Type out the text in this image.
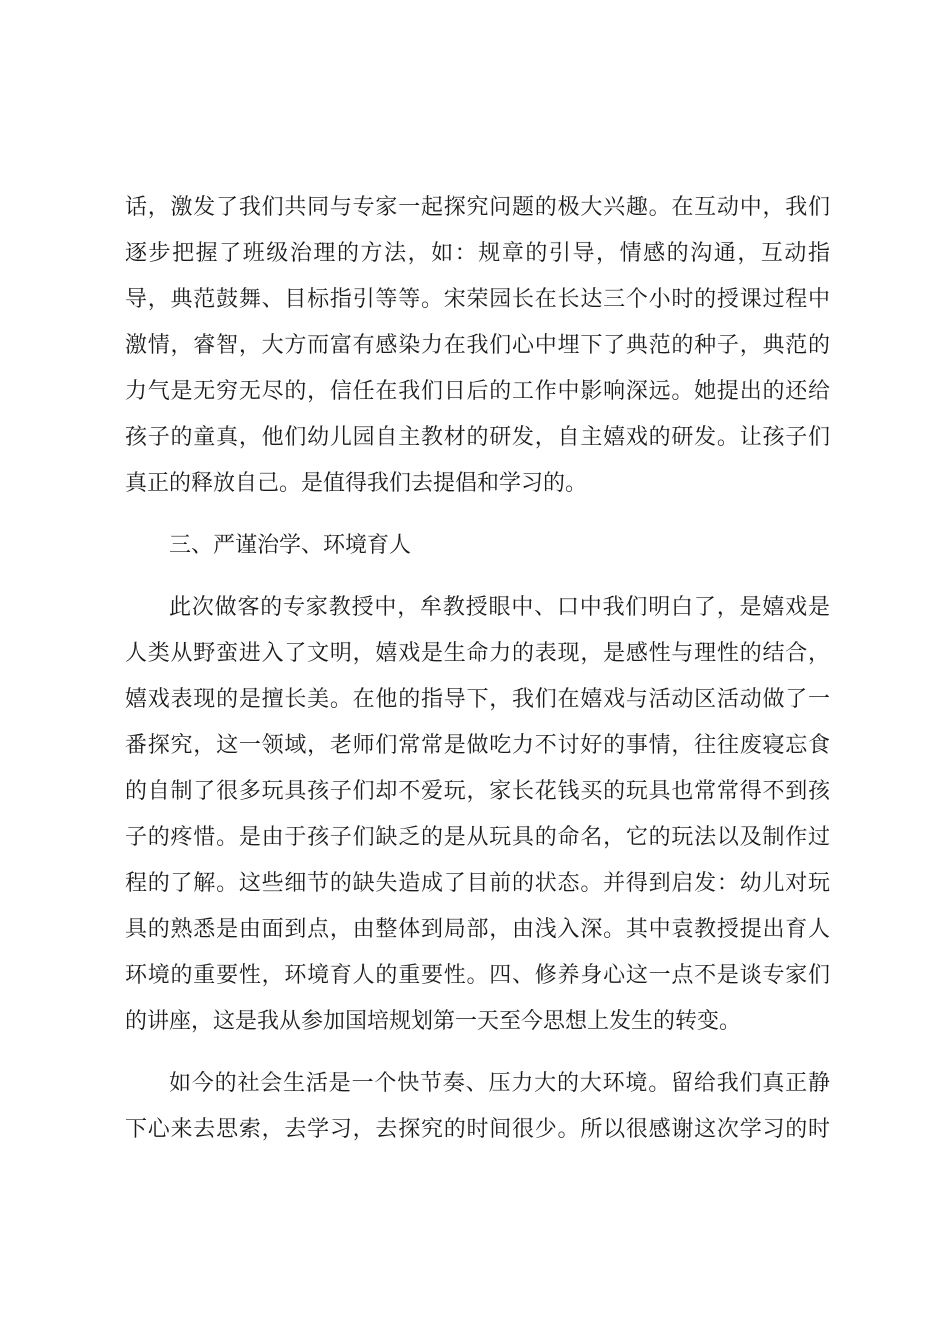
话，激发了我们共同与专家一起探究问题的极大兴趣。在互动中，我们
逐步把握了班级治理的方法，如：规章的引导，情感的沟通，互动指
导，典范鼓舞、目标指引等等。宋荣园长在长达三个小时的授课过程中
激情，睿智，大方而富有感染力在我们心中埋下了典范的种子，典范的
力气是无穷无尽的，信任在我们日后的工作中影响深远。她提出的还给
孩子的童真，他们幼儿园自主教材的研发，自主嬉戏的研发。让孩子们
真正的释放自己。是值得我们去提倡和学习的。
三、严谨治学、环境育人
此次做客的专家教授中，牟教授眼中、口中我们明白了，是嬉戏是
人类从野蛮进入了文明，嬉戏是生命力的表现，是感性与理性的结合，
嬉戏表现的是擅长美。在他的指导下，我们在嬉戏与活动区活动做了一
番探究，这一领域，老师们常常是做吃力不讨好的事情，往往废寝忘食
的自制了很多玩具孩子们却不爱玩，家长花钱买的玩具也常常得不到孩
子的疼惜。是由于孩子们缺乏的是从玩具的命名，它的玩法以及制作过
程的了解。这些细节的缺失造成了目前的状态。并得到启发：幼儿对玩
具的熟悉是由面到点，由整体到局部，由浅入深。其中袁教授提出育人
环境的重要性，环境育人的重要性。四、修养身心这一点不是谈专家们
的讲座，这是我从参加国培规划第一天至今思想上发生的转变。
如今的社会生活是一个快节奏、压力大的大环境。留给我们真正静
下心来去思索，去学习，去探究的时间很少。所以很感谢这次学习的时
